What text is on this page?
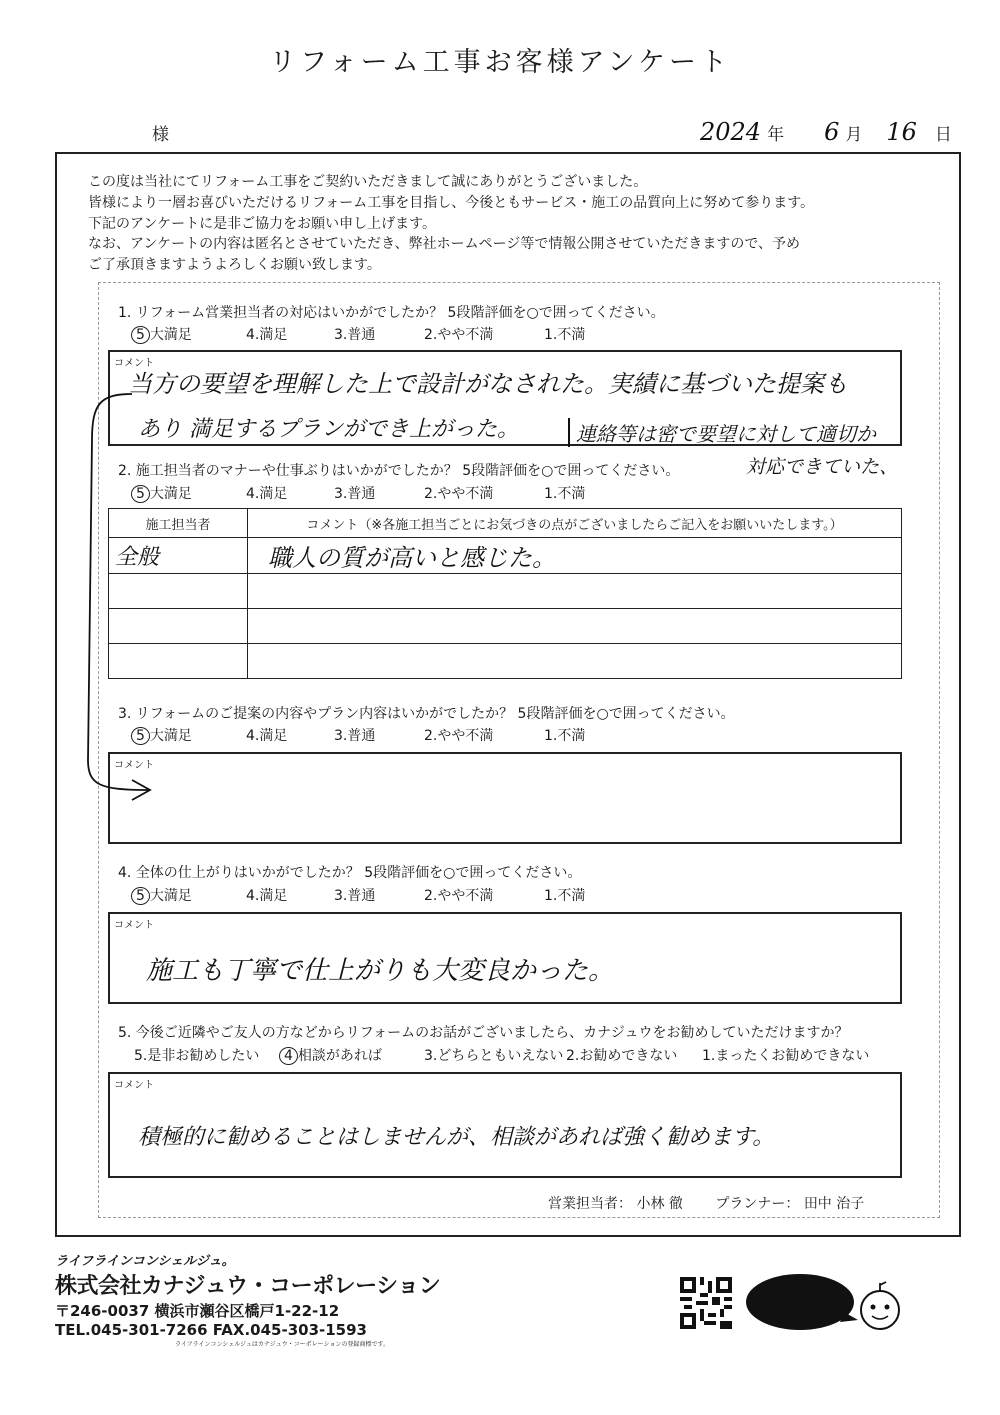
リフォーム工事お客様アンケート
様	2024 年 6 月 16 日
この度は当社にてリフォーム工事をご契約いただきまして誠にありがとうございました。
皆様により一層お喜びいただけるリフォーム工事を目指し、今後ともサービス・施工の品質向上に努めて参ります。
下記のアンケートに是非ご協力をお願い申し上げます。
なお、アンケートの内容は匿名とさせていただき、弊社ホームページ等で情報公開させていただきますので、予め
ご了承頂きますようよろしくお願い致します。
1. リフォーム営業担当者の対応はいかがでしたか？ 5段階評価を○で囲ってください。
5 大満足	4.満足	3.普通	2.やや不満	1.不満
コメント
当方の要望を理解した上で設計がなされた。実績に基づいた提案も
あり 満足するプランができ上がった。	連絡等は密で要望に対して適切か
対応できていた、
2. 施工担当者のマナーや仕事ぶりはいかがでしたか？ 5段階評価を○で囲ってください。
5 大満足	4.満足	3.普通	2.やや不満	1.不満
施工担当者	コメント（※各施工担当ごとにお気づきの点がございましたらご記入をお願いいたします。）
全般	職人の質が高いと感じた。

3. リフォームのご提案の内容やプラン内容はいかがでしたか？ 5段階評価を○で囲ってください。
5 大満足	4.満足	3.普通	2.やや不満	1.不満
コメント
4. 全体の仕上がりはいかがでしたか？ 5段階評価を○で囲ってください。
5 大満足	4.満足	3.普通	2.やや不満	1.不満
コメント
施工も丁寧で仕上がりも大変良かった。
5. 今後ご近隣やご友人の方などからリフォームのお話がございましたら、カナジュウをお勧めしていただけますか？
5.是非お勧めしたい	4 相談があれば	3.どちらともいえない 2.お勧めできない	1.まったくお勧めできない
コメント
積極的に勧めることはしませんが、相談があれば強く勧めます。
営業担当者： 小林 徹 プランナー： 田中 治子
ライフラインコンシェルジュ。
株式会社カナジュウ・コーポレーション
〒246-0037 横浜市瀬谷区橋戸1-22-12
TEL.045-301-7266 FAX.045-303-1593
ライフラインコンシェルジュはカナジュウ・コーポレーションの登録商標です。
